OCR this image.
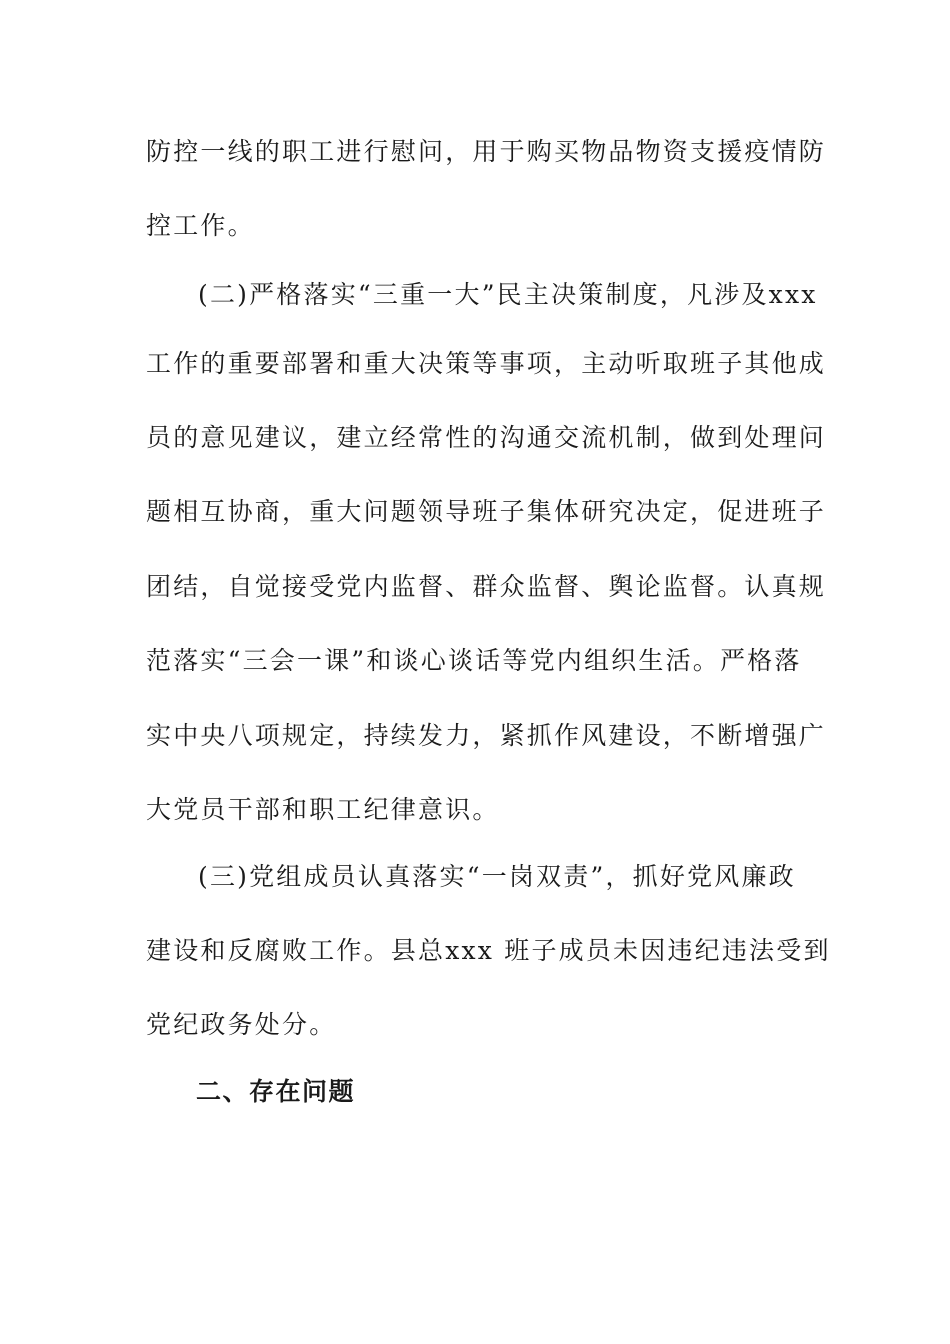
防控一线的职工进行慰问，用于购买物品物资支援疫情防
控工作。
(二)严格落实“三重一大”民主决策制度，凡涉及xxx
工作的重要部署和重大决策等事项，主动听取班子其他成
员的意见建议，建立经常性的沟通交流机制，做到处理问
题相互协商，重大问题领导班子集体研究决定，促进班子
团结，自觉接受党内监督、群众监督、舆论监督。认真规
范落实“三会一课”和谈心谈话等党内组织生活。严格落
实中央八项规定，持续发力，紧抓作风建设，不断增强广
大党员干部和职工纪律意识。
(三)党组成员认真落实“一岗双责”，抓好党风廉政
建设和反腐败工作。县总xxx 班子成员未因违纪违法受到
党纪政务处分。
二、存在问题
